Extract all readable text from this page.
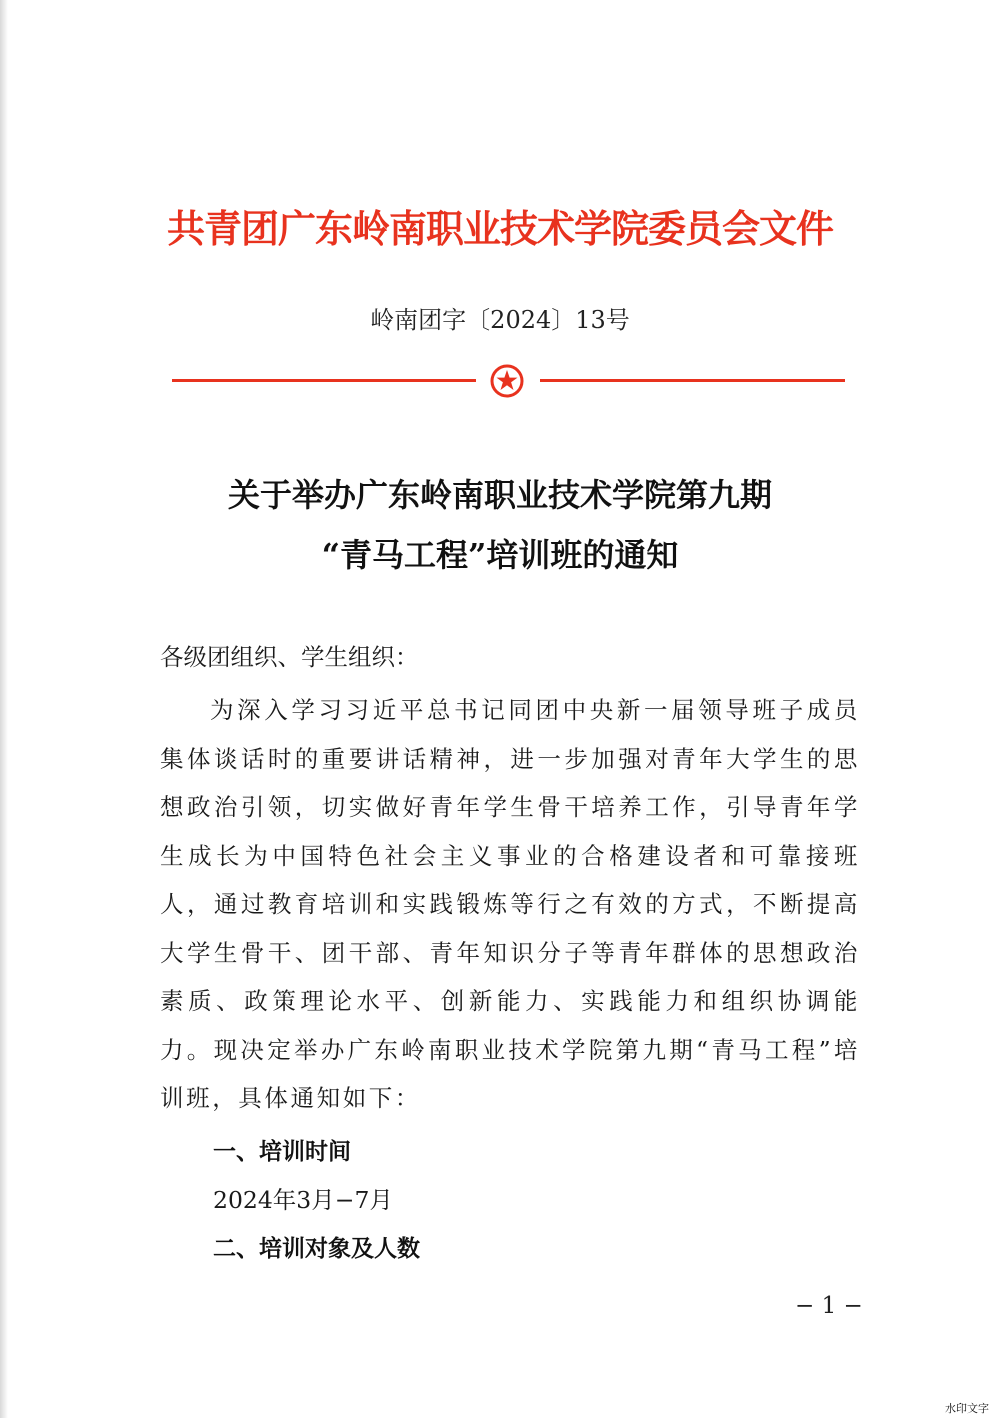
共青团广东岭南职业技术学院委员会文件
岭南团字〔2024〕13号
关于举办广东岭南职业技术学院第九期
“青马工程”培训班的通知
各级团组织、学生组织：
为深入学习习近平总书记同团中央新一届领导班子成员集体谈话时的重要讲话精神，进一步加强对青年大学生的思想政治引领，切实做好青年学生骨干培养工作，引导青年学生成长为中国特色社会主义事业的合格建设者和可靠接班人，通过教育培训和实践锻炼等行之有效的方式，不断提高大学生骨干、团干部、青年知识分子等青年群体的思想政治素质、政策理论水平、创新能力、实践能力和组织协调能力。现决定举办广东岭南职业技术学院第九期“青马工程”培训班，具体通知如下：
一、培训时间
2024年3月−7月
二、培训对象及人数
− 1 −
水印文字
